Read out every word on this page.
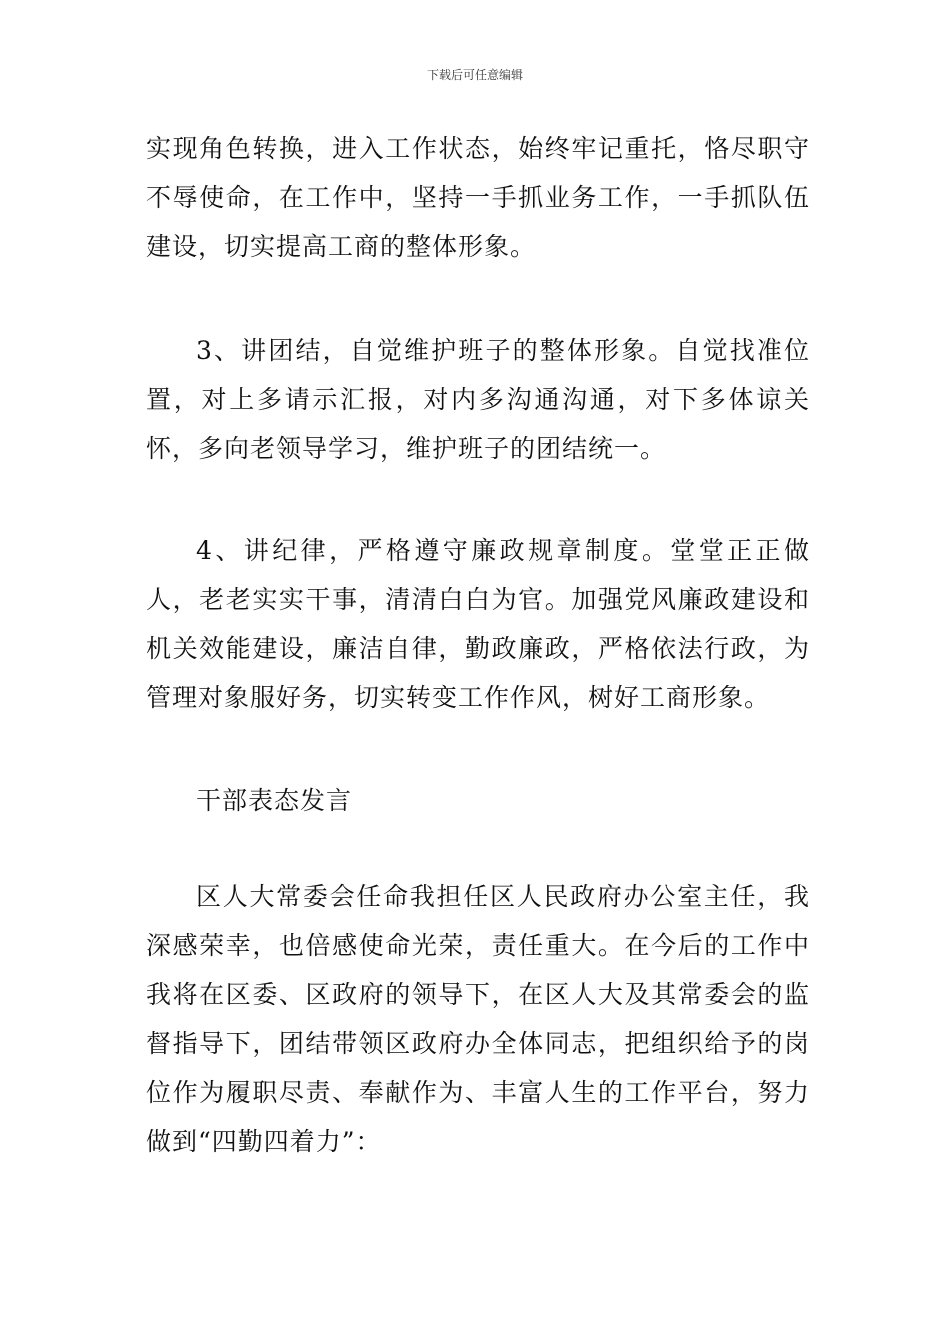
下载后可任意编辑

实现角色转换，进入工作状态，始终牢记重托，恪尽职守不辱使命，在工作中，坚持一手抓业务工作，一手抓队伍建设，切实提高工商的整体形象。

3、讲团结，自觉维护班子的整体形象。自觉找准位置，对上多请示汇报，对内多沟通沟通，对下多体谅关怀，多向老领导学习，维护班子的团结统一。

4、讲纪律，严格遵守廉政规章制度。堂堂正正做人，老老实实干事，清清白白为官。加强党风廉政建设和机关效能建设，廉洁自律，勤政廉政，严格依法行政，为管理对象服好务，切实转变工作作风，树好工商形象。

干部表态发言

区人大常委会任命我担任区人民政府办公室主任，我深感荣幸，也倍感使命光荣，责任重大。在今后的工作中我将在区委、区政府的领导下，在区人大及其常委会的监督指导下，团结带领区政府办全体同志，把组织给予的岗位作为履职尽责、奉献作为、丰富人生的工作平台，努力做到“四勤四着力”：
